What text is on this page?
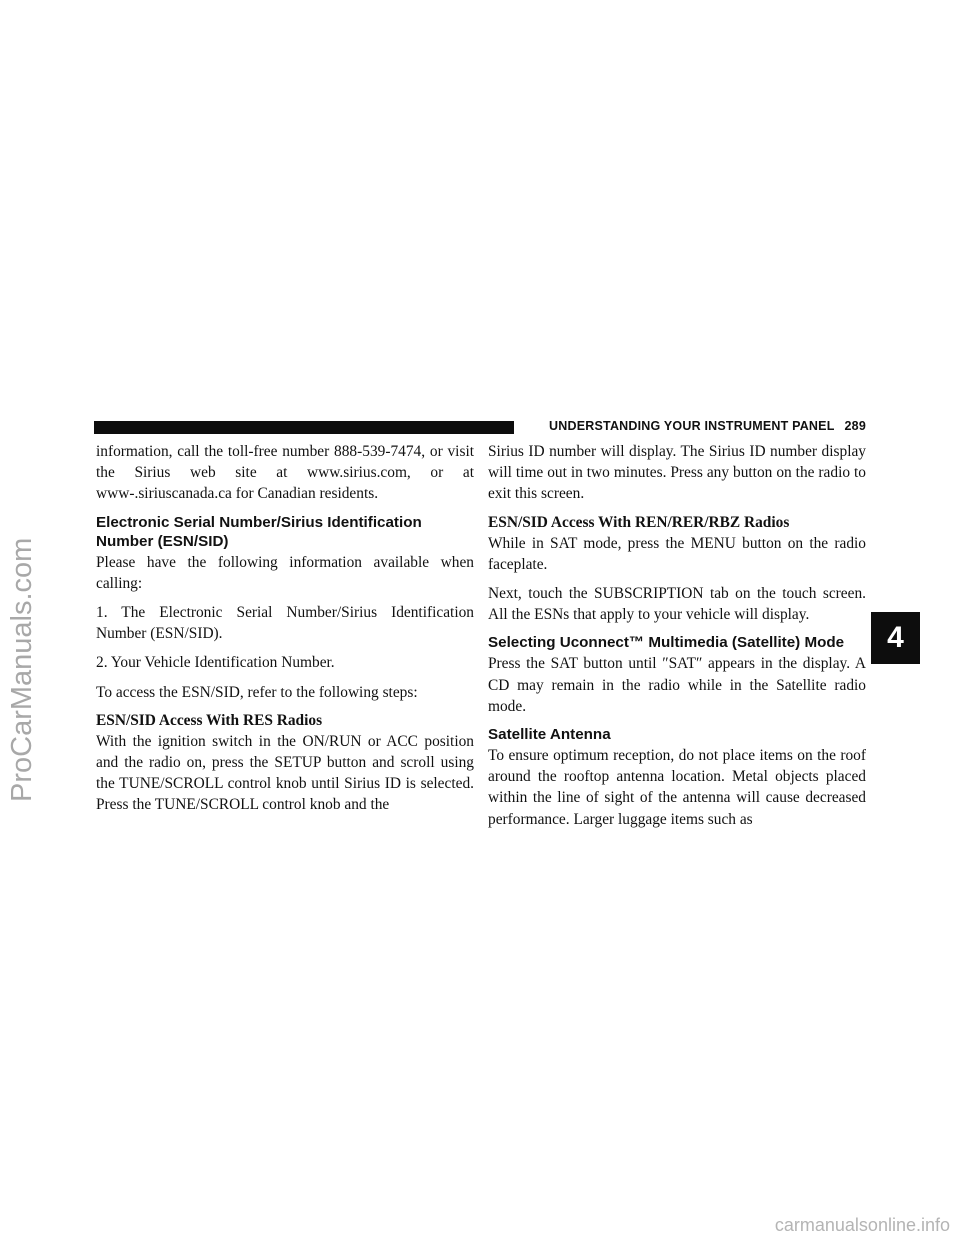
UNDERSTANDING YOUR INSTRUMENT PANEL 289

information, call the toll-free number 888-539-7474, or visit the Sirius web site at www.sirius.com, or at www-.siriuscanada.ca for Canadian residents.

Electronic Serial Number/Sirius Identification Number (ESN/SID)

Please have the following information available when calling:

1. The Electronic Serial Number/Sirius Identification Number (ESN/SID).

2. Your Vehicle Identification Number.

To access the ESN/SID, refer to the following steps:

ESN/SID Access With RES Radios

With the ignition switch in the ON/RUN or ACC position and the radio on, press the SETUP button and scroll using the TUNE/SCROLL control knob until Sirius ID is selected. Press the TUNE/SCROLL control knob and the

Sirius ID number will display. The Sirius ID number display will time out in two minutes. Press any button on the radio to exit this screen.

ESN/SID Access With REN/RER/RBZ Radios

While in SAT mode, press the MENU button on the radio faceplate.

Next, touch the SUBSCRIPTION tab on the touch screen. All the ESNs that apply to your vehicle will display.

Selecting Uconnect™ Multimedia (Satellite) Mode

Press the SAT button until ″SAT″ appears in the display. A CD may remain in the radio while in the Satellite radio mode.

Satellite Antenna

To ensure optimum reception, do not place items on the roof around the rooftop antenna location. Metal objects placed within the line of sight of the antenna will cause decreased performance. Larger luggage items such as

4
ProCarManuals.com
carmanualsonline.info
